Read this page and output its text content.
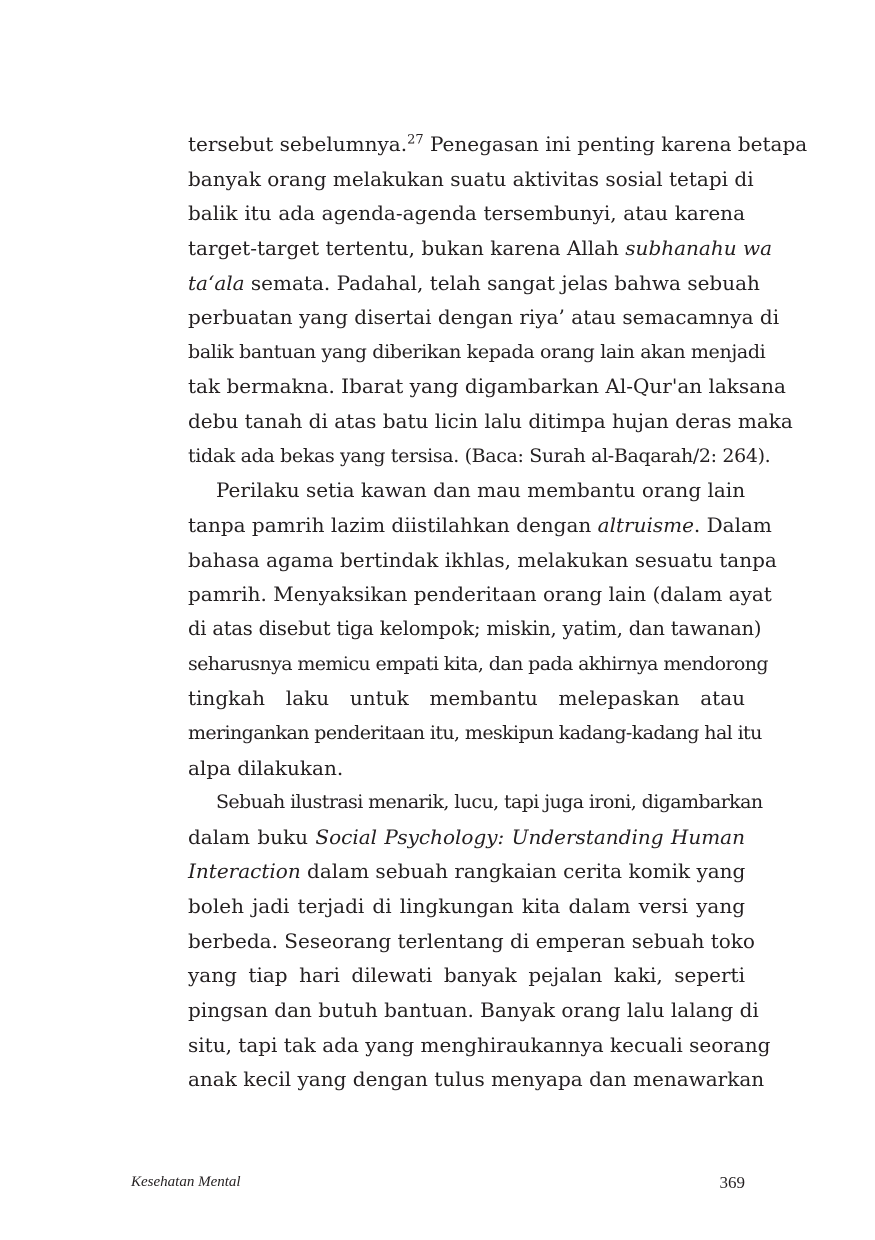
tersebut sebelumnya.$^{27}$ Penegasan ini penting karena betapa
banyak orang melakukan suatu aktivitas sosial tetapi di
balik itu ada agenda-agenda tersembunyi, atau karena
target-target tertentu, bukan karena Allah subhanahu wa
ta‘ala semata. Padahal, telah sangat jelas bahwa sebuah
perbuatan yang disertai dengan riya’ atau semacamnya di
balik bantuan yang diberikan kepada orang lain akan menjadi
tak bermakna. Ibarat yang digambarkan Al-Qur'an laksana
debu tanah di atas batu licin lalu ditimpa hujan deras maka
tidak ada bekas yang tersisa. (Baca: Surah al-Baqarah/2: 264).
Perilaku setia kawan dan mau membantu orang lain
tanpa pamrih lazim diistilahkan dengan altruisme. Dalam
bahasa agama bertindak ikhlas, melakukan sesuatu tanpa
pamrih. Menyaksikan penderitaan orang lain (dalam ayat
di atas disebut tiga kelompok; miskin, yatim, dan tawanan)
seharusnya memicu empati kita, dan pada akhirnya mendorong
tingkah laku untuk membantu melepaskan atau
meringankan penderitaan itu, meskipun kadang-kadang hal itu
alpa dilakukan.
Sebuah ilustrasi menarik, lucu, tapi juga ironi, digambarkan
dalam buku Social Psychology: Understanding Human
Interaction dalam sebuah rangkaian cerita komik yang
boleh jadi terjadi di lingkungan kita dalam versi yang
berbeda. Seseorang terlentang di emperan sebuah toko
yang tiap hari dilewati banyak pejalan kaki, seperti
pingsan dan butuh bantuan. Banyak orang lalu lalang di
situ, tapi tak ada yang menghiraukannya kecuali seorang
anak kecil yang dengan tulus menyapa dan menawarkan
Kesehatan Mental	369
